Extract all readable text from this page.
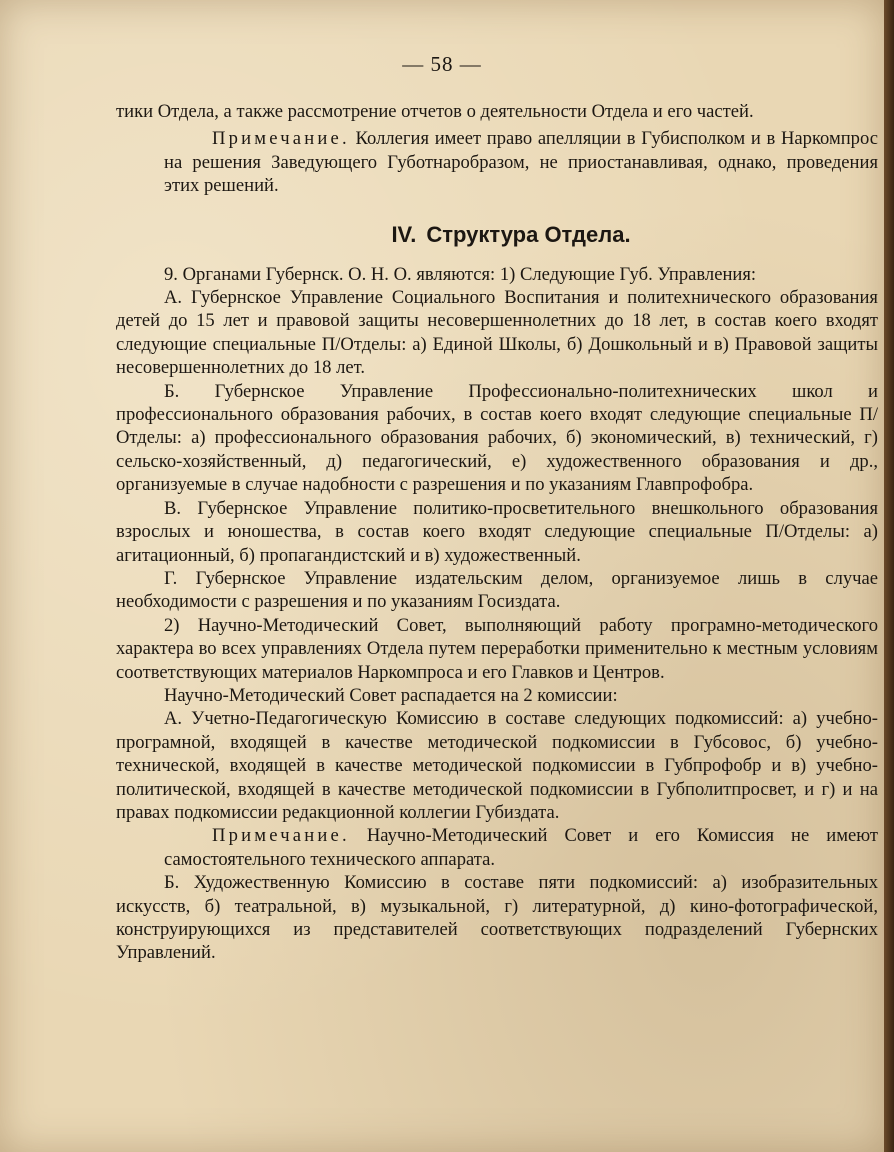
— 58 —

тики Отдела, а также рассмотрение отчетов о деятельности Отдела и его частей.

Примечание. Коллегия имеет право апелляции в Губисполком и в Наркомпрос на решения Заведующего Губотнаробразом, не приостанавливая, однако, проведения этих решений.

IV. Структура Отдела.

9. Органами Губернск. О. Н. О. являются: 1) Следующие Губ. Управления:

А. Губернское Управление Социального Воспитания и политехнического образования детей до 15 лет и правовой защиты несовершеннолетних до 18 лет, в состав коего входят следующие специальные П/Отделы: а) Единой Школы, б) Дошкольный и в) Правовой защиты несовершеннолетних до 18 лет.

Б. Губернское Управление Профессионально-политехнических школ и профессионального образования рабочих, в состав коего входят следующие специальные П/Отделы: а) профессионального образования рабочих, б) экономический, в) технический, г) сельско-хозяйственный, д) педагогический, е) художественного образования и др., организуемые в случае надобности с разрешения и по указаниям Главпрофобра.

В. Губернское Управление политико-просветительного внешкольного образования взрослых и юношества, в состав коего входят следующие специальные П/Отделы: а) агитационный, б) пропагандистский и в) художественный.

Г. Губернское Управление издательским делом, организуемое лишь в случае необходимости с разрешения и по указаниям Госиздата.

2) Научно-Методический Совет, выполняющий работу програмно-методического характера во всех управлениях Отдела путем переработки применительно к местным условиям соответствующих материалов Наркомпроса и его Главков и Центров.

Научно-Методический Совет распадается на 2 комиссии:

А. Учетно-Педагогическую Комиссию в составе следующих подкомиссий: а) учебно-програмной, входящей в качестве методической подкомиссии в Губсовос, б) учебно-технической, входящей в качестве методической подкомиссии в Губпрофобр и в) учебно-политической, входящей в качестве методической подкомиссии в Губполитпросвет, и г) и на правах подкомиссии редакционной коллегии Губиздата.

Примечание. Научно-Методический Совет и его Комиссия не имеют самостоятельного технического аппарата.

Б. Художественную Комиссию в составе пяти подкомиссий: а) изобразительных искусств, б) театральной, в) музыкальной, г) литературной, д) кино-фотографической, конструирующихся из представителей соответствующих подразделений Губернских Управлений.
